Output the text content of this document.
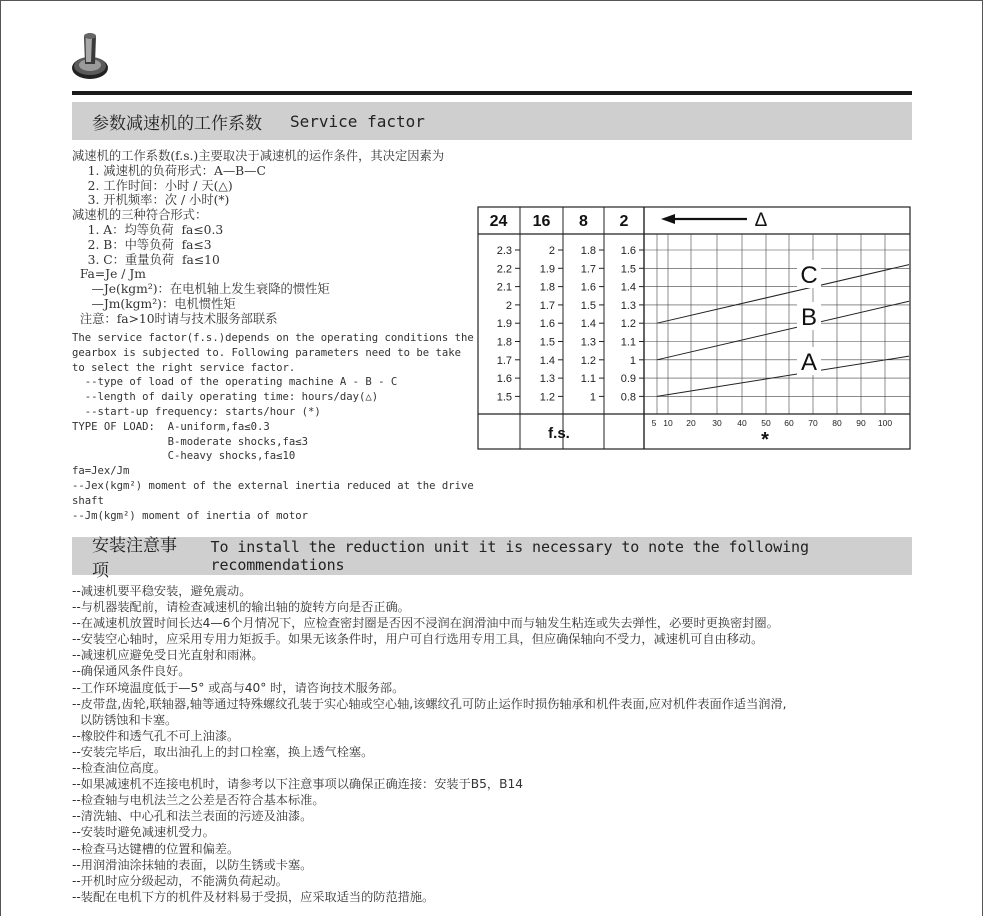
参数减速机的工作系数 Service factor
减速机的工作系数(f.s.)主要取决于减速机的运作条件，其决定因素为
1. 减速机的负荷形式：A—B—C
2. 工作时间：小时 / 天(△)
3. 开机频率：次 / 小时(*)
减速机的三种符合形式：
1. A：均等负荷  fa≤0.3
2. B：中等负荷  fa≤3
3. C：重量负荷  fa≤10
Fa=Je / Jm
—Je(kgm²)：在电机轴上发生衰降的惯性矩
—Jm(kgm²)：电机惯性矩
注意：fa>10时请与技术服务部联系
The service factor(f.s.)depends on the operating conditions the
gearbox is subjected to. Following parameters need to be take
to select the right service factor.
--type of load of the operating machine A - B - C
--length of daily operating time: hours/day(△)
--start-up frequency: starts/hour (*)
TYPE OF LOAD:  A-uniform,fa≤0.3
B-moderate shocks,fa≤3
C-heavy shocks,fa≤10
fa=Jex/Jm
--Jex(kgm²) moment of the external inertia reduced at the drive
shaft
--Jm(kgm²) moment of inertia of motor
24 16 8 2	Δ
2.3
2.2
2.1
2
1.9
1.8
1.7
1.6
1.5
2
1.9
1.8
1.7
1.6
1.5
1.4
1.3
1.2
1.8
1.7
1.6
1.5
1.4
1.3
1.2
1.1
1
1.6
1.5
1.4
1.3
1.2
1.1
1
0.9
0.8
5 10 20 30 40 50 60 70 80 90 100
*
f.s.
A
B
C
安装注意事项
To install the reduction unit it is necessary to note the following recommendations
--减速机要平稳安装，避免震动。
--与机器装配前，请检查减速机的输出轴的旋转方向是否正确。
--在减速机放置时间长达4—6个月情况下，应检查密封圈是否因不浸润在润滑油中而与轴发生粘连或失去弹性，必要时更换密封圈。
--安装空心轴时，应采用专用力矩扳手。如果无该条件时，用户可自行选用专用工具，但应确保轴向不受力，减速机可自由移动。
--减速机应避免受日光直射和雨淋。
--确保通风条件良好。
--工作环境温度低于—5° 或高与40° 时，请咨询技术服务部。
--皮带盘,齿轮,联轴器,轴等通过特殊螺纹孔装于实心轴或空心轴,该螺纹孔可防止运作时损伤轴承和机件表面,应对机件表面作适当润滑,
以防锈蚀和卡塞。
--橡胶件和透气孔不可上油漆。
--安装完毕后，取出油孔上的封口栓塞，换上透气栓塞。
--检查油位高度。
--如果减速机不连接电机时，请参考以下注意事项以确保正确连接：安装于B5，B14
--检查轴与电机法兰之公差是否符合基本标准。
--清洗轴、中心孔和法兰表面的污迹及油漆。
--安装时避免减速机受力。
--检查马达键槽的位置和偏差。
--用润滑油涂抹轴的表面，以防生锈或卡塞。
--开机时应分级起动，不能满负荷起动。
--装配在电机下方的机件及材料易于受损，应采取适当的防范措施。
